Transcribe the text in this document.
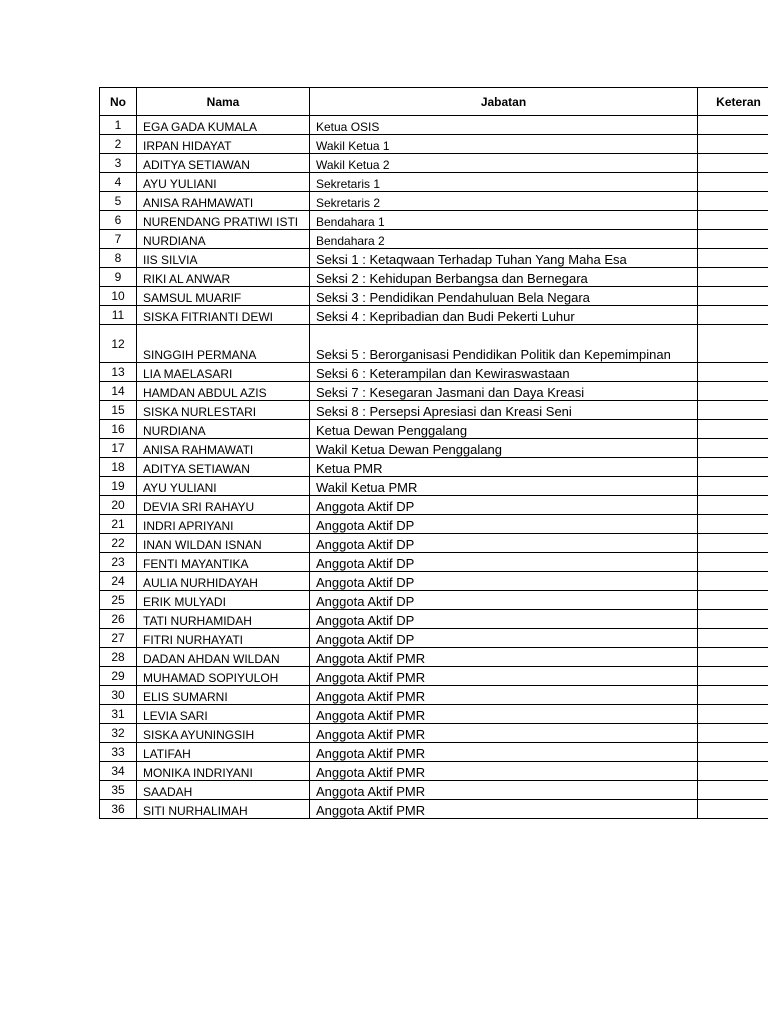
No	Nama	Jabatan	Keteran
1	EGA GADA KUMALA	Ketua OSIS	
2	IRPAN HIDAYAT	Wakil Ketua 1	
3	ADITYA SETIAWAN	Wakil Ketua 2	
4	AYU YULIANI	Sekretaris 1	
5	ANISA RAHMAWATI	Sekretaris 2	
6	NURENDANG PRATIWI ISTI	Bendahara 1	
7	NURDIANA	Bendahara 2	
8	IIS SILVIA	Seksi 1 : Ketaqwaan Terhadap Tuhan Yang Maha Esa	
9	RIKI AL ANWAR	Seksi 2 : Kehidupan Berbangsa dan Bernegara	
10	SAMSUL MUARIF	Seksi 3 : Pendidikan Pendahuluan Bela Negara	
11	SISKA FITRIANTI DEWI	Seksi 4 : Kepribadian dan Budi Pekerti Luhur	
12	SINGGIH PERMANA	Seksi 5 : Berorganisasi Pendidikan Politik dan Kepemimpinan	
13	LIA MAELASARI	Seksi 6 : Keterampilan dan Kewiraswastaan	
14	HAMDAN ABDUL AZIS	Seksi 7 : Kesegaran Jasmani dan Daya Kreasi	
15	SISKA NURLESTARI	Seksi 8 : Persepsi Apresiasi dan Kreasi Seni	
16	NURDIANA	Ketua Dewan Penggalang	
17	ANISA RAHMAWATI	Wakil Ketua Dewan Penggalang	
18	ADITYA SETIAWAN	Ketua PMR	
19	AYU YULIANI	Wakil Ketua PMR	
20	DEVIA SRI RAHAYU	Anggota Aktif DP	
21	INDRI APRIYANI	Anggota Aktif DP	
22	INAN WILDAN ISNAN	Anggota Aktif DP	
23	FENTI MAYANTIKA	Anggota Aktif DP	
24	AULIA NURHIDAYAH	Anggota Aktif DP	
25	ERIK MULYADI	Anggota Aktif DP	
26	TATI NURHAMIDAH	Anggota Aktif DP	
27	FITRI NURHAYATI	Anggota Aktif DP	
28	DADAN AHDAN WILDAN	Anggota Aktif PMR	
29	MUHAMAD SOPIYULOH	Anggota Aktif PMR	
30	ELIS SUMARNI	Anggota Aktif PMR	
31	LEVIA SARI	Anggota Aktif PMR	
32	SISKA AYUNINGSIH	Anggota Aktif PMR	
33	LATIFAH	Anggota Aktif PMR	
34	MONIKA INDRIYANI	Anggota Aktif PMR	
35	SAADAH	Anggota Aktif PMR	
36	SITI NURHALIMAH	Anggota Aktif PMR	
